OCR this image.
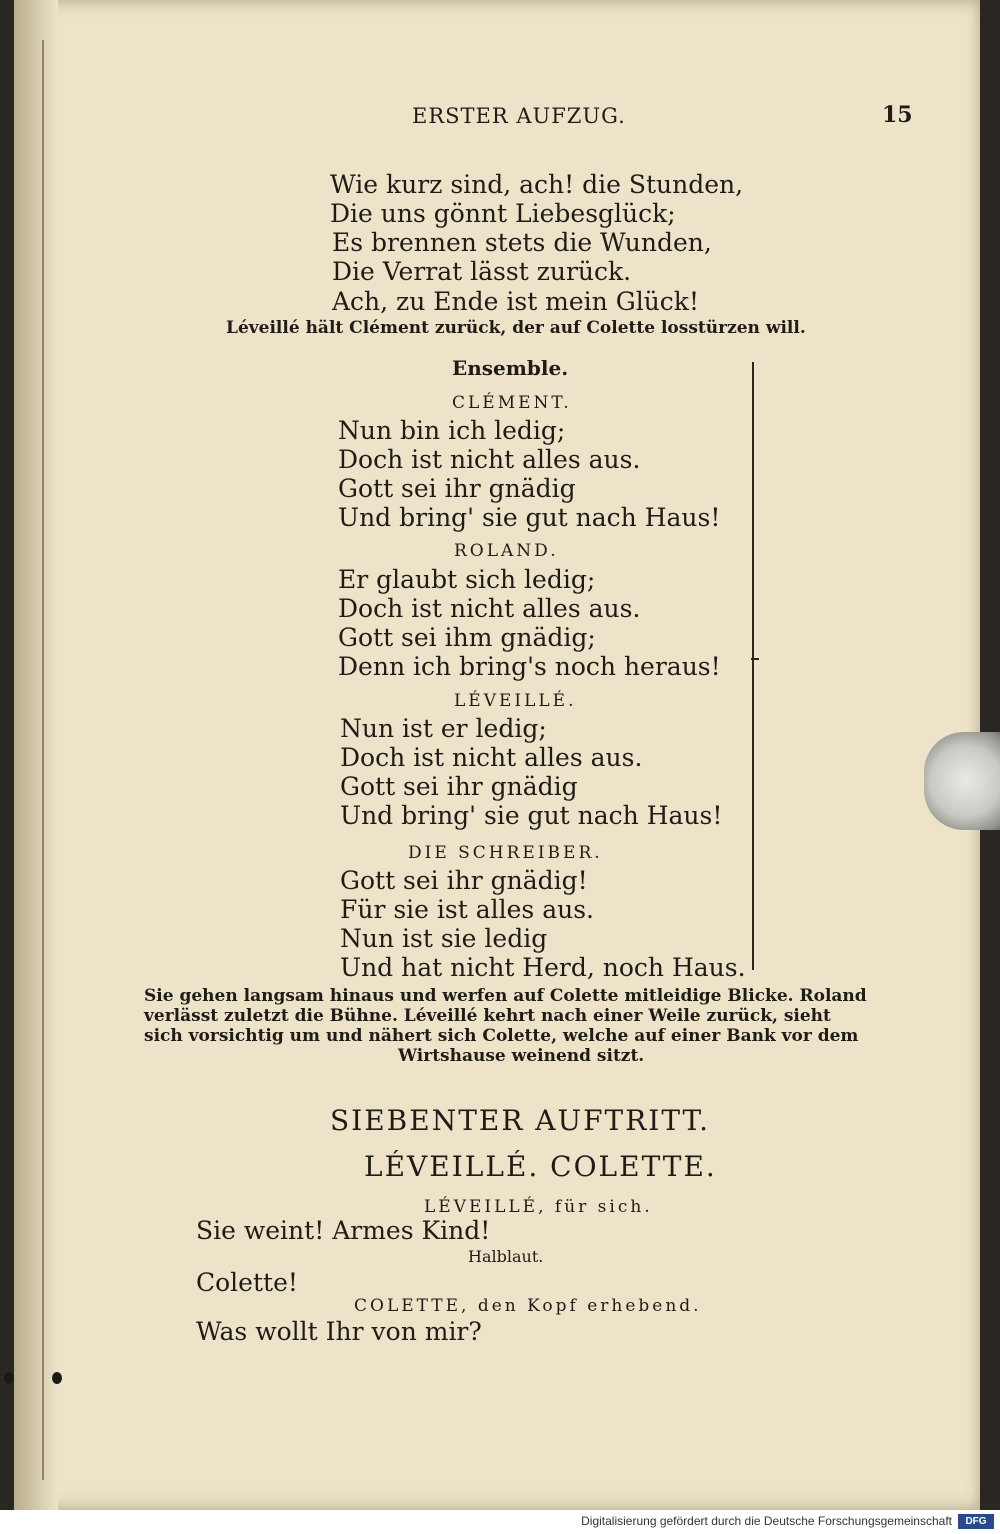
ERSTER AUFZUG.	15
Wie kurz sind, ach! die Stunden,
Die uns gönnt Liebesglück;
Es brennen stets die Wunden,
Die Verrat lässt zurück.
Ach, zu Ende ist mein Glück!
Léveillé hält Clément zurück, der auf Colette losstürzen will.
Ensemble.
CLÉMENT.
Nun bin ich ledig;
Doch ist nicht alles aus.
Gott sei ihr gnädig
Und bring' sie gut nach Haus!
ROLAND.
Er glaubt sich ledig;
Doch ist nicht alles aus.
Gott sei ihm gnädig;
Denn ich bring's noch heraus!
LÉVEILLÉ.
Nun ist er ledig;
Doch ist nicht alles aus.
Gott sei ihr gnädig
Und bring' sie gut nach Haus!
DIE SCHREIBER.
Gott sei ihr gnädig!
Für sie ist alles aus.
Nun ist sie ledig
Und hat nicht Herd, noch Haus.
Sie gehen langsam hinaus und werfen auf Colette mitleidige Blicke. Roland
verlässt zuletzt die Bühne. Léveillé kehrt nach einer Weile zurück, sieht
sich vorsichtig um und nähert sich Colette, welche auf einer Bank vor dem
Wirtshause weinend sitzt.
SIEBENTER AUFTRITT.
LÉVEILLÉ. COLETTE.
LÉVEILLÉ, für sich.
Sie weint! Armes Kind!
Halblaut.
Colette!
COLETTE, den Kopf erhebend.
Was wollt Ihr von mir?
Digitalisierung gefördert durch die Deutsche Forschungsgemeinschaft	DFG
